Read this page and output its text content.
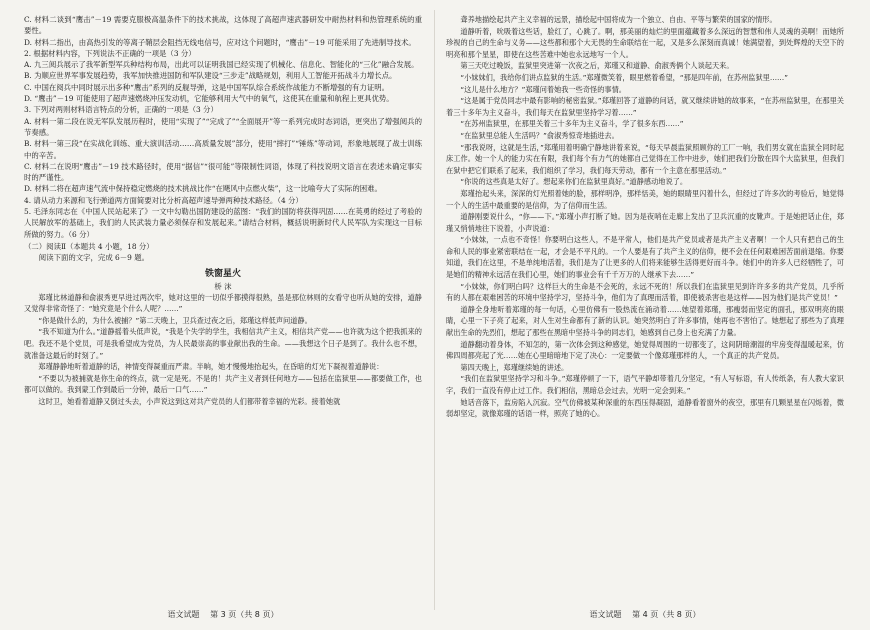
C. 材料二谈到“鹰击”－19 需要克服极高温条件下的技术挑战，这体现了高超声速武器研发中耐热材料和热管理系统的重要性。

D. 材料二指出，由高热引发的等离子鞘层会阻挡无线电信号，应对这个问题时，“鹰击”－19 可能采用了先进制导技术。

2. 根据材料内容，下列说法不正确的一项是（3 分）

A. 九三阅兵展示了我军新型军兵种结构布局，出此可以证明我国已经实现了机械化、信息化、智能化的“三化”融合发展。

B. 为顺应世界军事发展趋势，我军加快推进国防和军队建设“三步走”战略规划，利用人工智能开拓战斗力增长点。

C. 中国在阅兵中同时展示出多种“鹰击”系列的反舰导弹，这是中国军队综合系统作战能力不断增强的有力证明。

D. “鹰击”－19 可能使用了超声速燃烧冲压发动机，它能够利用大气中的氧气，这使其在重量和航程上更具优势。

3. 下列对两则材料语言特点的分析，正确的一项是（3 分）

A. 材料一第二段在说无军队发展历程时，使用“实现了”“完成了”“全面展开”等一系列完成时态词语，更突出了增强阅兵的节奏感。

B. 材料一第三段“在实战化训练、重大演训活动……高质量发展”部分，使用“摔打”“锤炼”等动词，形象地展现了战士训练中的辛苦。

C. 材料二在说明“鹰击”－19 技术路径时，使用“据信”“很可能”等限制性词语，体现了科技说明文语言在表述未确定事实时的严谨性。

D. 材料二将在超声速气流中保持稳定燃烧的技术挑战比作“在飓风中点燃火柴”，这一比喻夸大了实际的困难。

4. 请从动力来源和飞行弹道两方面简要对比分析高超声速导弹两种技术路径。（4 分）

5. 毛泽东同志在《中国人民站起来了》一文中勾勒出国防建设的蓝图：“我们的国防将获得巩固……在英勇的经过了考验的人民解放军的基础上，我们的人民武装力量必须保存和发展起来。”请结合材料，概括说明新时代人民军队为实现这一目标所做的努力。（6 分）

（二）阅读Ⅱ（本题共 4 小题，18 分）

阅读下面的文字，完成 6－9 题。

铁窗星火

桥 沫

郑瑾比林道静和俞淑秀更早进过两次牢，她对这里的一切似乎都摸得很熟，虽是那位林则的女看守也听从她的安排，道静又觉得非常奇怪了：“她究竟是个什么人呢？……”

“你是做什么的，为什么被捕？”第二天晚上，卫兵查过夜之后，郑瑾这样低声问道静。

“我不知道为什么。”道静摇着头低声说，“我是个失学的学生，我相信共产主义，相信共产党——也许就为这个把我抓来的吧。我还不是个党员，可是我希望成为党员，为人民最崇高的事业献出我的生命。——我想这个日子是到了。我什么也不想，就准备这最后的时刻了。”

郑瑾静静地听着道静的话，神情变得凝重而严肃。半晌，她才慢慢地抬起头，在昏暗的灯光下凝视着道静说：

“不要以为被捕就是你生命的终点，就一定是死。不是的！共产主义者到任何地方——包括在监狱里——都要做工作，也都可以做的。我到蒙工作到最后一分钟，最后一口气……”

这时卫，她看着道静又倒过头去，小声说这到这对共产党员的人们都带着幸福的光彩。接着她就

聋养地描绘起共产主义幸福的远景，描绘起中国将成为一个独立、自由、平等与繁荣的国家的情形。

道静听着，吮吸着这些话，脸红了，心跳了。啊，那美丽的灿烂的里面蕴藏着多么深远的智慧和伟人灵魂的美啊！而她所珍视的自己的生命与义务——这些都和那个大无畏的生命联结在一起，又是多么深刻而真诚！她满望着，到处辉煌的天空下的明亮和那个星星，即使在这些苦难中她也永远地写一个人。

第三天吃过晚饭，监狱里突进第一次夜之后，郑瑾又和道静、俞淑秀俩个人谈起天来。

“小妹妹们，我给你们讲点监狱的生活。”郑瑾微笑着，眼里燃着希望，“那是四年前，在苏州监狱里……”

“这儿是什么地方？”郑瑾问着她我一些奇怪的事情。

“这是属于党员同志中最有影响的秘密监狱。”郑瑾回答了道静的问话，就又继续讲她的故事来，“在苏州监狱里，在那里关着三十多年为主义奋斗，我们每天在监狱里坚持学习着……”

“在苏州监狱里，在那里关着三十多年为主义奋斗，学了很多东西……”

“在监狱里总能人生活吗？”俞淑秀惊奇地插进去。

“那我说呀，这就是生活，”郑瑾用着明确宁静地讲着来说，“每天早晨监狱照顾你的工厂一响，我们男女就在监狱全同时起床工作。她一个人的能力实在有限，我们每个有力气的她都自己觉得在工作中进步，她们把我们分散在四个大监狱里，但我们在狱中把它们联系了起来，我们组织了学习，我们每天劳动，都有一个主意在那里活动。”

“你说的这些真是太好了。想起来你们在监狱里真好。”道静感动地说了。

郑瑾抬起头来，深深的灯光照着她的脸，那样明净，那样恬美，她的眼睛里闪着什么，但经过了许多次的考验后，她觉得一个人的生活中最重要的是信仰，为了信仰而生活。

道静刚要说什么，“你——下。”郑瑾小声打断了她。因为是夜哨在走廊上发出了卫兵沉重的皮靴声。于是她把话止住，郑瑾又悄悄地往下说着，小声说道：

“小妹妹，一点也不奇怪！你要明白这些人，不是平常人，他们是共产党员或者是共产主义者啊！一个人只有把自己的生命和人民的事业紧密联结在一起，才会是不平凡的。一个人要是有了共产主义的信仰，便不会在任何艰难困苦面前退缩。你要知道，我们在这里，不是单纯地活着，我们是为了让更多的人们将来能够生活得更好而斗争。她们中的许多人已经牺牲了，可是她们的精神永远活在我们心里，她们的事业会有千千万万的人继承下去……”

“小妹妹，你们明白吗？这样巨大的生命是不会死的，永远不死的！所以我们在监狱里见到许许多多的共产党员，几乎所有的人都在艰难困苦的环境中坚持学习，坚持斗争，他们为了真理而活着，即使被杀害也是这样——因为他们是共产党员！”

道静全身地听着郑瑾的每一句话，心里仿佛有一股热流在涌动着……她望着郑瑾，那瘦弱而坚定的面孔，那双明亮的眼睛，心里一下子亮了起来，对人生对生命都有了新的认识。她突然明白了许多事情，她再也不害怕了。她想起了那些为了真理献出生命的先烈们，想起了那些在黑暗中坚持斗争的同志们，她感到自己身上也充满了力量。

道静翻动着身体，不知怎的，第一次体会到这种感觉，她觉得周围的一切都变了，这间阴暗潮湿的牢房变得温暖起来，仿佛四周都亮起了光……她在心里暗暗地下定了决心：一定要做一个像郑瑾那样的人，一个真正的共产党员。

第四天晚上，郑瑾继续她的讲述。

“我们在监狱里坚持学习和斗争。”郑瑾停顿了一下，语气平静却带着几分坚定，“有人写标语，有人传纸条，有人教大家识字，我们一直没有停止过工作。我们相信，黑暗总会过去，光明一定会到来。”

她话音落下，监房陷入沉寂。空气仿佛被某种深重的东西压得凝固，道静看着窗外的夜空，那里有几颗星星在闪烁着，微弱却坚定，就像郑瑾的话语一样，照亮了她的心。

语文试题 第 3 页（共 8 页）	语文试题 第 4 页（共 8 页）
